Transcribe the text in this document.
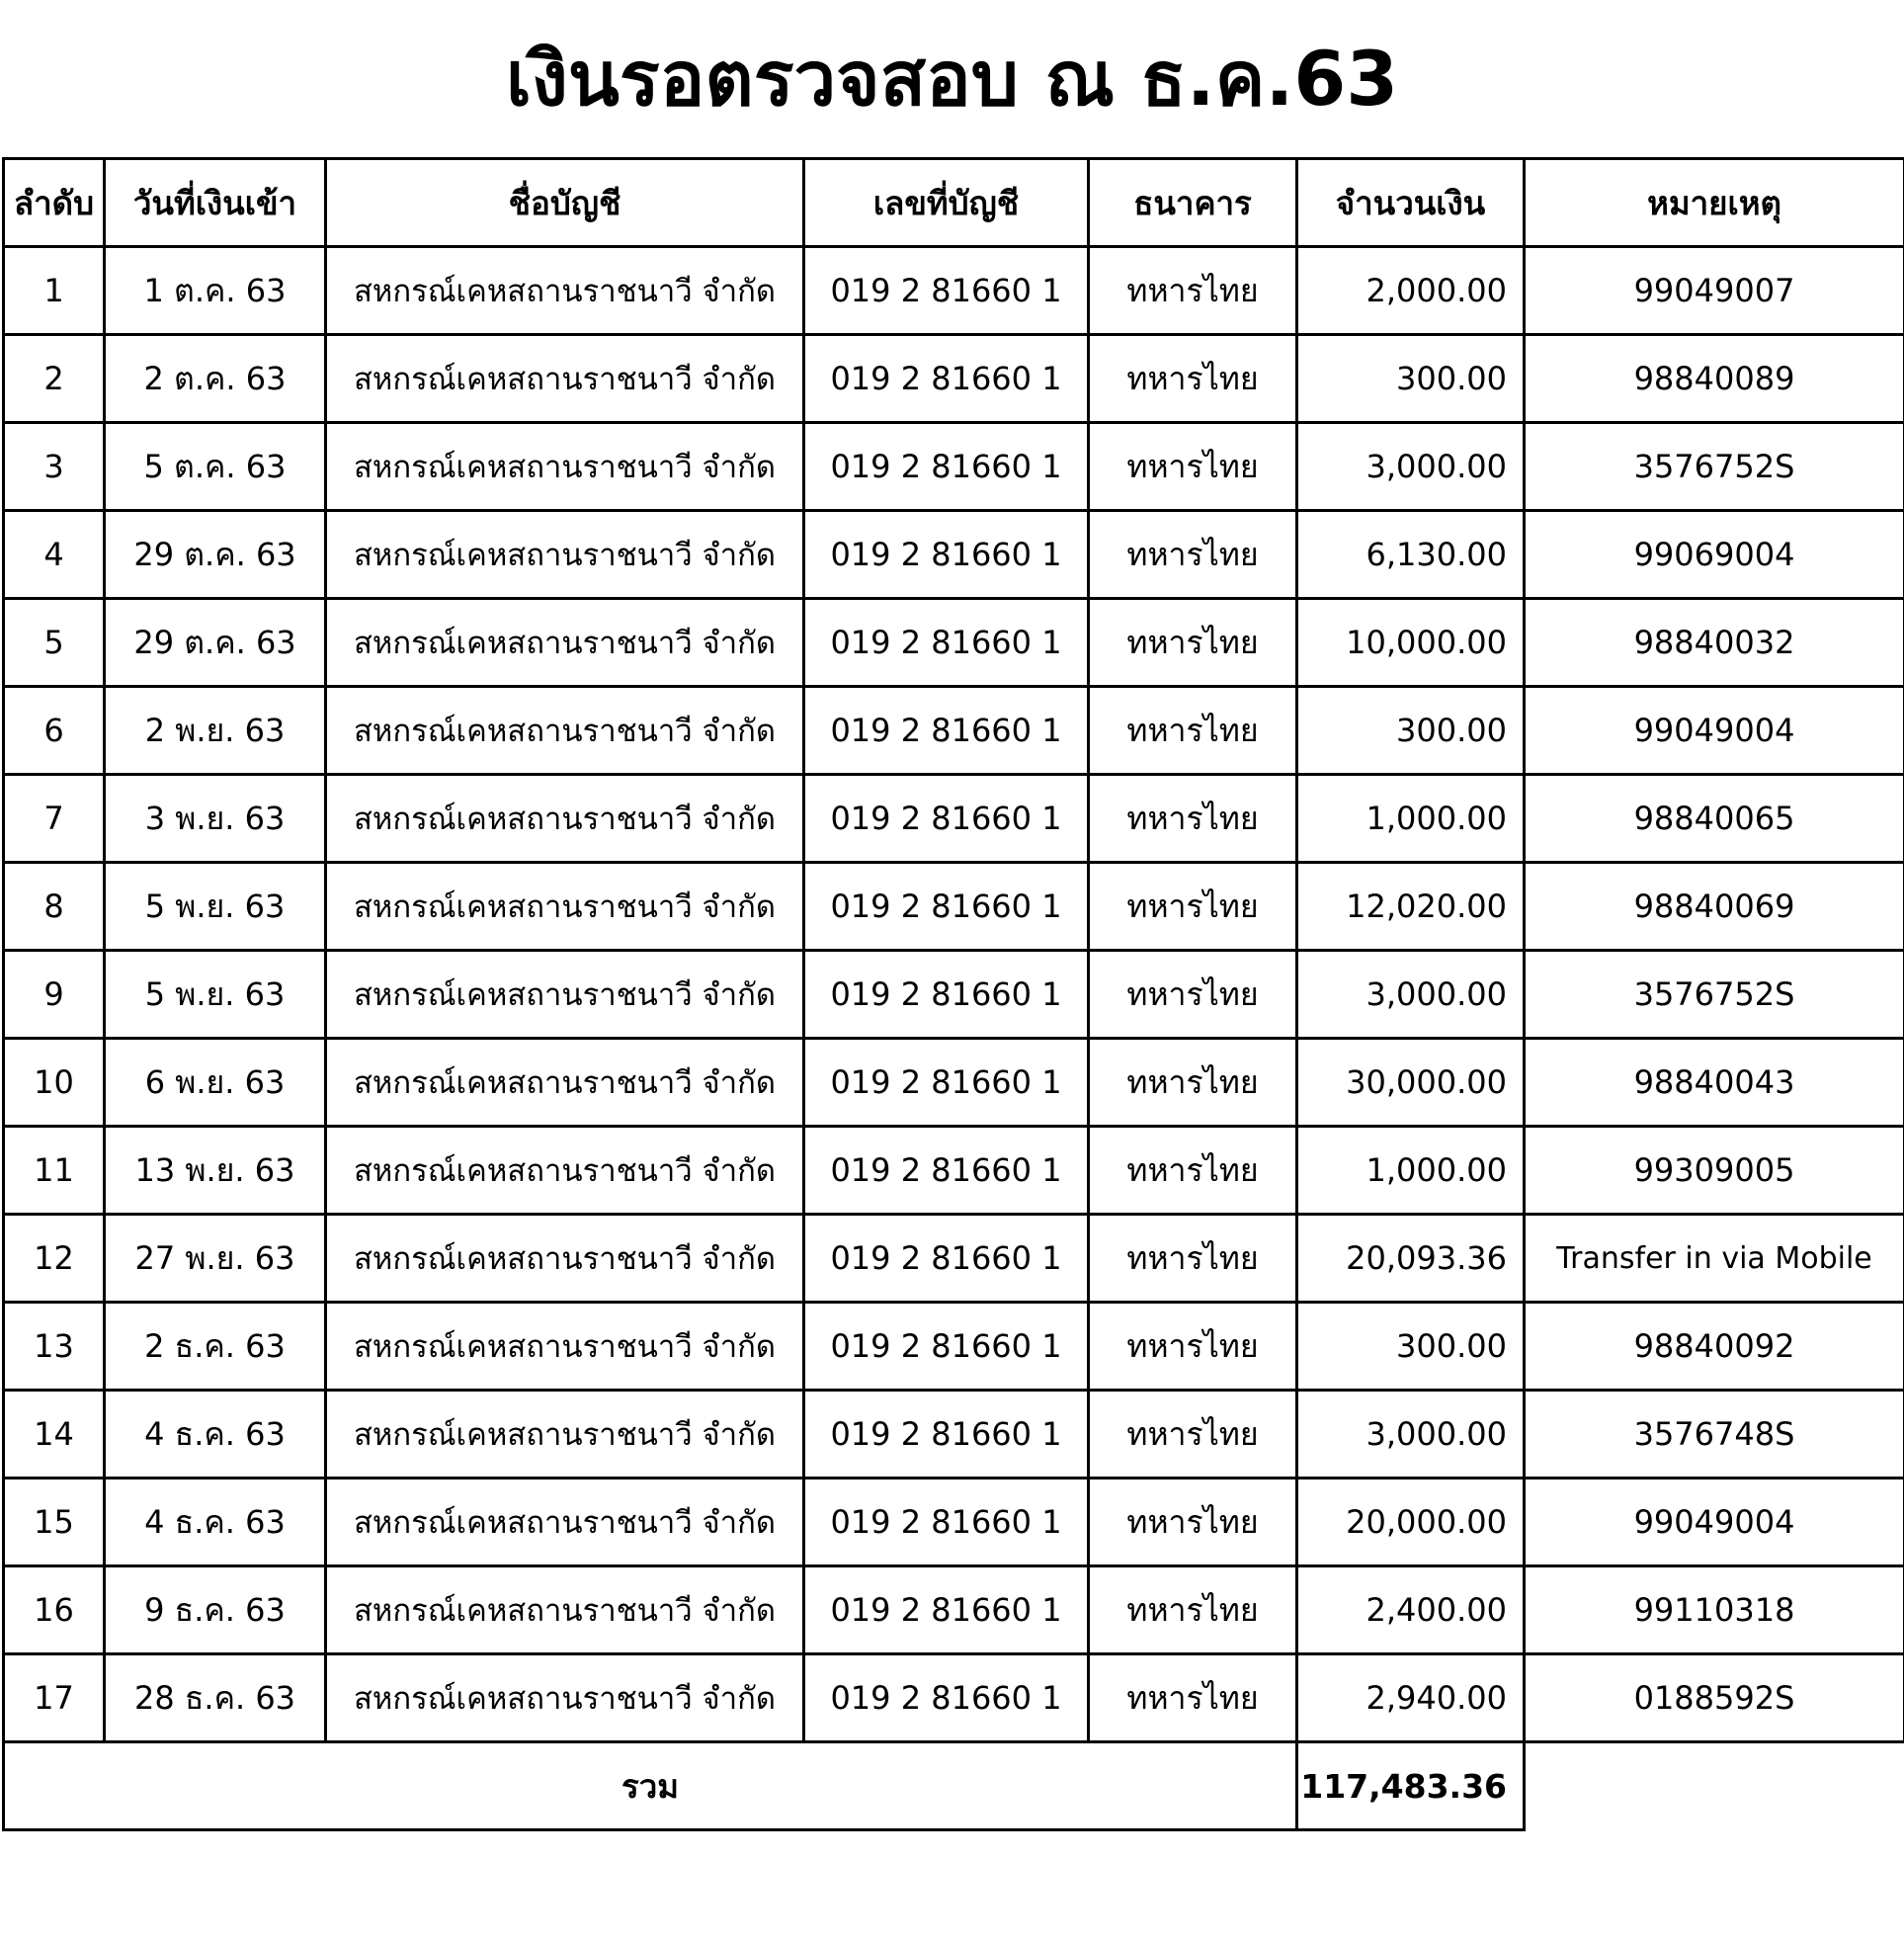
เงินรอตรวจสอบ ณ ธ.ค.63
ลำดับ	วันที่เงินเข้า	ชื่อบัญชี	เลขที่บัญชี	ธนาคาร	จำนวนเงิน	หมายเหตุ
1	1 ต.ค. 63	สหกรณ์เคหสถานราชนาวี จำกัด	019 2 81660 1	ทหารไทย	2,000.00	99049007
2	2 ต.ค. 63	สหกรณ์เคหสถานราชนาวี จำกัด	019 2 81660 1	ทหารไทย	300.00	98840089
3	5 ต.ค. 63	สหกรณ์เคหสถานราชนาวี จำกัด	019 2 81660 1	ทหารไทย	3,000.00	3576752S
4	29 ต.ค. 63	สหกรณ์เคหสถานราชนาวี จำกัด	019 2 81660 1	ทหารไทย	6,130.00	99069004
5	29 ต.ค. 63	สหกรณ์เคหสถานราชนาวี จำกัด	019 2 81660 1	ทหารไทย	10,000.00	98840032
6	2 พ.ย. 63	สหกรณ์เคหสถานราชนาวี จำกัด	019 2 81660 1	ทหารไทย	300.00	99049004
7	3 พ.ย. 63	สหกรณ์เคหสถานราชนาวี จำกัด	019 2 81660 1	ทหารไทย	1,000.00	98840065
8	5 พ.ย. 63	สหกรณ์เคหสถานราชนาวี จำกัด	019 2 81660 1	ทหารไทย	12,020.00	98840069
9	5 พ.ย. 63	สหกรณ์เคหสถานราชนาวี จำกัด	019 2 81660 1	ทหารไทย	3,000.00	3576752S
10	6 พ.ย. 63	สหกรณ์เคหสถานราชนาวี จำกัด	019 2 81660 1	ทหารไทย	30,000.00	98840043
11	13 พ.ย. 63	สหกรณ์เคหสถานราชนาวี จำกัด	019 2 81660 1	ทหารไทย	1,000.00	99309005
12	27 พ.ย. 63	สหกรณ์เคหสถานราชนาวี จำกัด	019 2 81660 1	ทหารไทย	20,093.36	Transfer in via Mobile
13	2 ธ.ค. 63	สหกรณ์เคหสถานราชนาวี จำกัด	019 2 81660 1	ทหารไทย	300.00	98840092
14	4 ธ.ค. 63	สหกรณ์เคหสถานราชนาวี จำกัด	019 2 81660 1	ทหารไทย	3,000.00	3576748S
15	4 ธ.ค. 63	สหกรณ์เคหสถานราชนาวี จำกัด	019 2 81660 1	ทหารไทย	20,000.00	99049004
16	9 ธ.ค. 63	สหกรณ์เคหสถานราชนาวี จำกัด	019 2 81660 1	ทหารไทย	2,400.00	99110318
17	28 ธ.ค. 63	สหกรณ์เคหสถานราชนาวี จำกัด	019 2 81660 1	ทหารไทย	2,940.00	0188592S
รวม					117,483.36	
